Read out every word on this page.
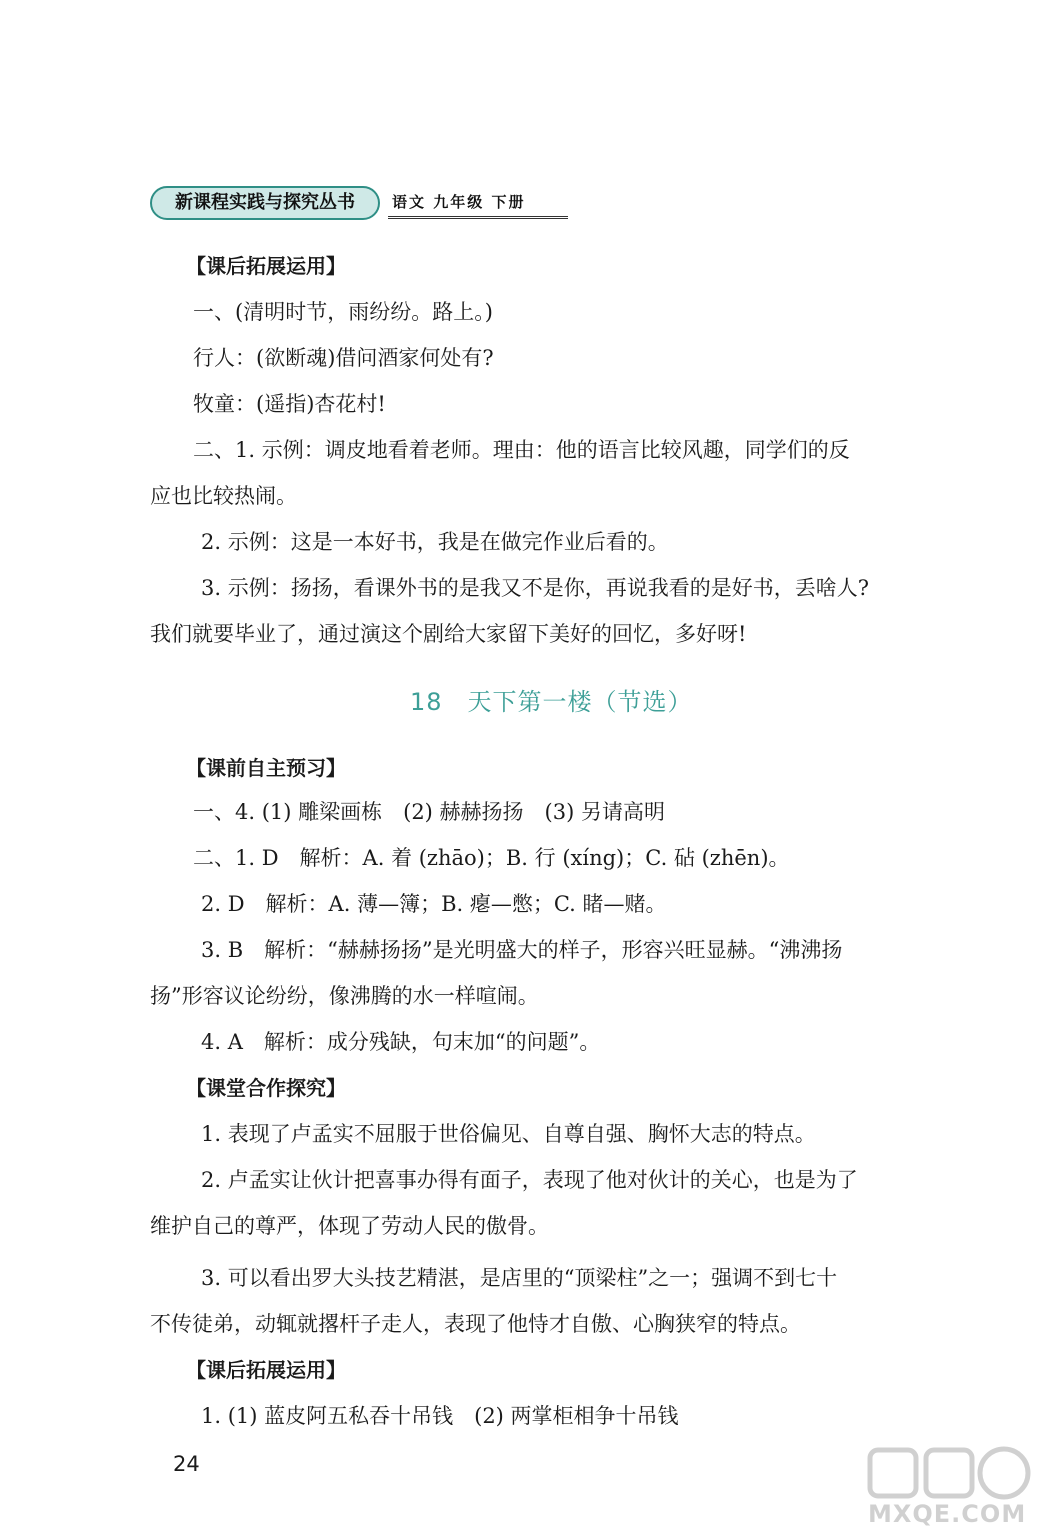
新课程实践与探究丛书	语文 九年级 下册
【课后拓展运用】
一、(清明时节，雨纷纷。路上。)
行人：(欲断魂)借问酒家何处有?
牧童：(遥指)杏花村!
二、1. 示例：调皮地看着老师。理由：他的语言比较风趣，同学们的反
应也比较热闹。
2. 示例：这是一本好书，我是在做完作业后看的。
3. 示例：扬扬，看课外书的是我又不是你，再说我看的是好书，丢啥人?
我们就要毕业了，通过演这个剧给大家留下美好的回忆，多好呀!
18　天下第一楼（节选）
【课前自主预习】
一、4. (1) 雕梁画栋　(2) 赫赫扬扬　(3) 另请高明
二、1. D　解析：A. 着 (zhāo)；B. 行 (xíng)；C. 砧 (zhēn)。
2. D　解析：A. 薄—簿；B. 瘪—憋；C. 睹—赌。
3. B　解析：“赫赫扬扬”是光明盛大的样子，形容兴旺显赫。“沸沸扬
扬”形容议论纷纷，像沸腾的水一样喧闹。
4. A　解析：成分残缺，句末加“的问题”。
【课堂合作探究】
1. 表现了卢孟实不屈服于世俗偏见、自尊自强、胸怀大志的特点。
2. 卢孟实让伙计把喜事办得有面子，表现了他对伙计的关心，也是为了
维护自己的尊严，体现了劳动人民的傲骨。
3. 可以看出罗大头技艺精湛，是店里的“顶梁柱”之一；强调不到七十
不传徒弟，动辄就撂杆子走人，表现了他恃才自傲、心胸狭窄的特点。
【课后拓展运用】
1. (1) 蓝皮阿五私吞十吊钱　(2) 两掌柜相争十吊钱
24
MXQE.COM
